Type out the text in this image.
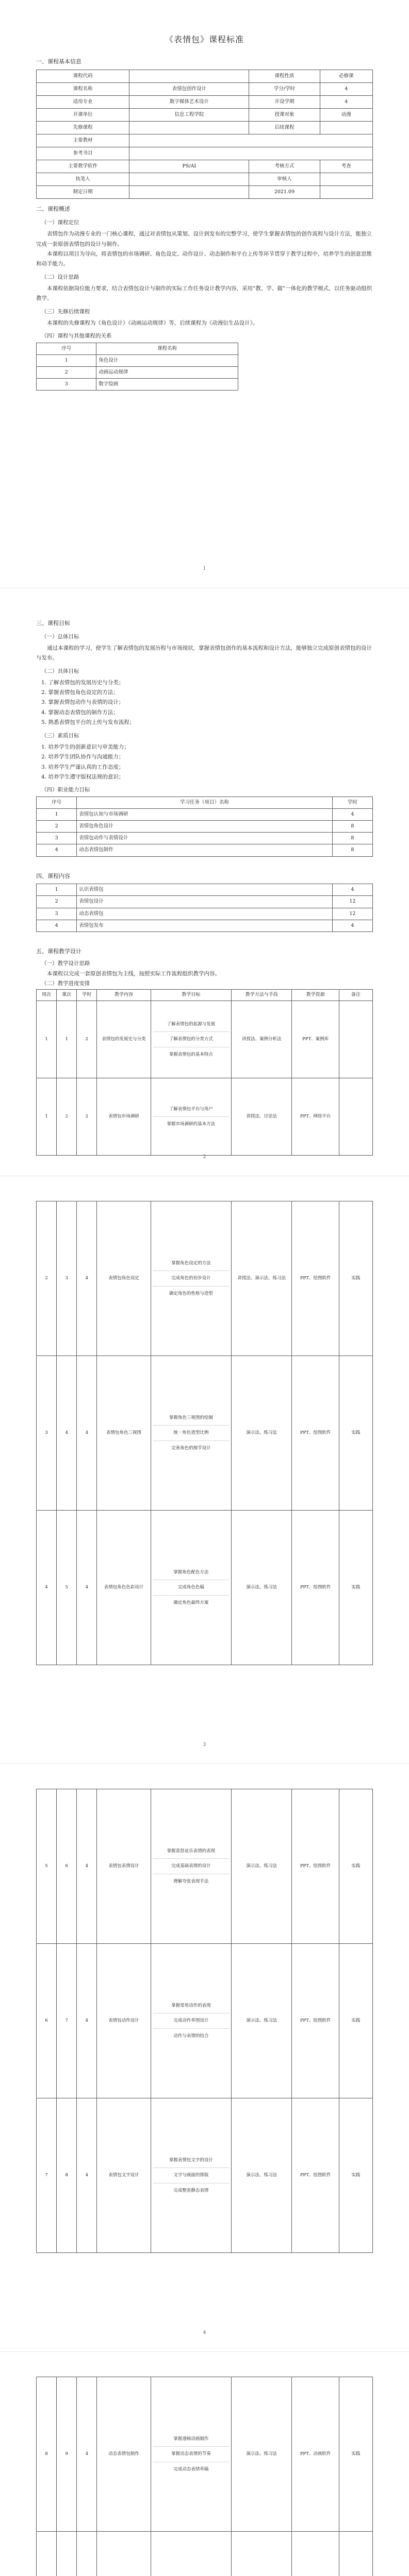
《表情包》课程标准
一、课程基本信息
课程代码		课程性质	必修课
课程名称	表情包创作设计	学分/学时	4
适用专业	数字媒体艺术设计	开设学期	4
开课单位	信息工程学院	授课对象	动漫
先修课程		后续课程	
主要教材			
参考书目			
主要教学软件	PS/AI	考核方式	考查
执笔人		审核人	
制定日期		2021.09	
二、课程概述
（一）课程定位

表情包作为动漫专业的一门核心课程，通过对表情包从策划、设计到发布的完整学习，使学生掌握表情包的创作流程与设计方法，能独立完成一套原创表情包的设计与制作。

本课程以项目为导向，将表情包的市场调研、角色设定、动作设计、动态制作和平台上传等环节贯穿于教学过程中，培养学生的创意思维和动手能力。

（二）设计思路

本课程依据岗位能力要求，结合表情包设计与制作的实际工作任务设计教学内容，采用“教、学、做”一体化的教学模式，以任务驱动组织教学。

（三）先修后续课程

本课程的先修课程为《角色设计》《动画运动规律》等，后续课程为《动漫衍生品设计》。

（四）课程与其他课程的关系
序号	课程名称
1	角色设计
2	动画运动规律
3	数字绘画
1
三、课程目标
（一）总体目标

通过本课程的学习，使学生了解表情包的发展历程与市场现状，掌握表情包创作的基本流程和设计方法，能够独立完成原创表情包的设计与发布。

（二）具体目标

1. 了解表情包的发展历史与分类；

2. 掌握表情包角色设定的方法；

3. 掌握表情包动作与表情的设计；

4. 掌握动态表情包的制作方法；

5. 熟悉表情包平台的上传与发布流程；

（三）素质目标

1. 培养学生的创新意识与审美能力；

2. 培养学生团队协作与沟通能力；

3. 培养学生严谨认真的工作态度；

4. 培养学生遵守版权法规的意识；

（四）职业能力目标
序号	学习任务（项目）名称	学时
1	表情包认知与市场调研	4
2	表情包角色设计	8
3	表情包动作与表情设计	8
4	动态表情包制作	8
四、课程内容
1	认识表情包	4
2	表情包设计	12
3	动态表情包	12
4	表情包发布	4
五、课程教学设计

（一）教学设计思路

本课程以完成一套原创表情包为主线，按照实际工作流程组织教学内容。

（二）教学进度安排

周次	课次	学时	教学内容	教学目标	教学方法与手段	教学资源	备注
1	1	2	表情包的发展史与分类	了解表情包的起源与发展
了解表情包的分类方式
掌握表情包的基本特点	讲授法、案例分析法	PPT、案例库	
1	2	2	表情包市场调研	了解表情包平台与用户
掌握市场调研的基本方法	讲授法、讨论法	PPT、网络平台	
2
2	3	4	表情包角色设定	掌握角色设定的方法
完成角色的初步设计
确定角色的性格与造型	讲授法、演示法、练习法	PPT、绘图软件	实践
3	4	4	表情包角色三视图	掌握角色三视图的绘制
统一角色造型比例
完善角色的细节设计	演示法、练习法	PPT、绘图软件	实践
4	5	4	表情包角色色彩设计	掌握角色配色方法
完成角色色稿
确定角色最终方案	演示法、练习法	PPT、绘图软件	实践
3
5	6	4	表情包表情设计	掌握喜怒哀乐表情的表现
完成基础表情的设计
理解夸张表现手法	演示法、练习法	PPT、绘图软件	实践
6	7	4	表情包动作设计	掌握常用动作的表现
完成动作草图设计
动作与表情的结合	演示法、练习法	PPT、绘图软件	实践
7	8	4	表情包文字设计	掌握表情包文字的设计
文字与画面的排版
完成整套静态表情	演示法、练习法	PPT、绘图软件	实践
4
8	9	4	动态表情包制作	掌握逐帧动画制作
掌握动态表情的节奏
完成动态表情草稿	演示法、练习法	PPT、动画软件	实践
